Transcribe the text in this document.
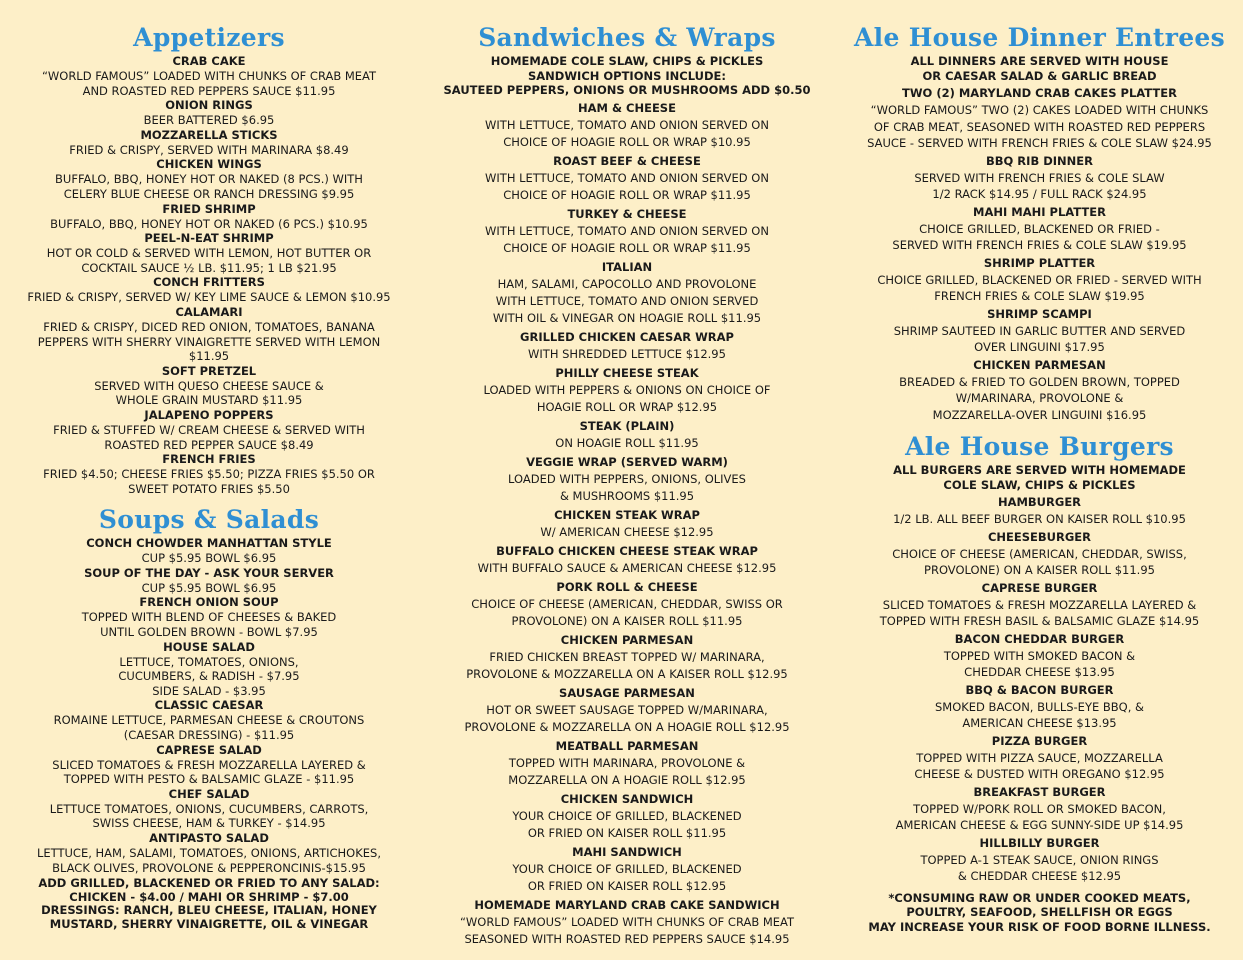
Appetizers
CRAB CAKE
“WORLD FAMOUS” LOADED WITH CHUNKS OF CRAB MEAT
AND ROASTED RED PEPPERS SAUCE $11.95
ONION RINGS
BEER BATTERED $6.95
MOZZARELLA STICKS
FRIED & CRISPY, SERVED WITH MARINARA $8.49
CHICKEN WINGS
BUFFALO, BBQ, HONEY HOT OR NAKED (8 PCS.) WITH
CELERY BLUE CHEESE OR RANCH DRESSING $9.95
FRIED SHRIMP
BUFFALO, BBQ, HONEY HOT OR NAKED (6 PCS.) $10.95
PEEL-N-EAT SHRIMP
HOT OR COLD & SERVED WITH LEMON, HOT BUTTER OR
COCKTAIL SAUCE ½ LB. $11.95; 1 LB $21.95
CONCH FRITTERS
FRIED & CRISPY, SERVED W/ KEY LIME SAUCE & LEMON $10.95
CALAMARI
FRIED & CRISPY, DICED RED ONION, TOMATOES, BANANA
PEPPERS WITH SHERRY VINAIGRETTE SERVED WITH LEMON
$11.95
SOFT PRETZEL
SERVED WITH QUESO CHEESE SAUCE &
WHOLE GRAIN MUSTARD $11.95
JALAPENO POPPERS
FRIED & STUFFED W/ CREAM CHEESE & SERVED WITH
ROASTED RED PEPPER SAUCE $8.49
FRENCH FRIES
FRIED $4.50; CHEESE FRIES $5.50; PIZZA FRIES $5.50 OR
SWEET POTATO FRIES $5.50
Soups & Salads
CONCH CHOWDER MANHATTAN STYLE
CUP $5.95 BOWL $6.95
SOUP OF THE DAY - ASK YOUR SERVER
CUP $5.95 BOWL $6.95
FRENCH ONION SOUP
TOPPED WITH BLEND OF CHEESES & BAKED
UNTIL GOLDEN BROWN - BOWL $7.95
HOUSE SALAD
LETTUCE, TOMATOES, ONIONS,
CUCUMBERS, & RADISH - $7.95
SIDE SALAD - $3.95
CLASSIC CAESAR
ROMAINE LETTUCE, PARMESAN CHEESE & CROUTONS
(CAESAR DRESSING) - $11.95
CAPRESE SALAD
SLICED TOMATOES & FRESH MOZZARELLA LAYERED &
TOPPED WITH PESTO & BALSAMIC GLAZE - $11.95
CHEF SALAD
LETTUCE TOMATOES, ONIONS, CUCUMBERS, CARROTS,
SWISS CHEESE, HAM & TURKEY - $14.95
ANTIPASTO SALAD
LETTUCE, HAM, SALAMI, TOMATOES, ONIONS, ARTICHOKES,
BLACK OLIVES, PROVOLONE & PEPPERONCINIS-$15.95
ADD GRILLED, BLACKENED OR FRIED TO ANY SALAD:
CHICKEN - $4.00 / MAHI OR SHRIMP - $7.00
DRESSINGS: RANCH, BLEU CHEESE, ITALIAN, HONEY
MUSTARD, SHERRY VINAIGRETTE, OIL & VINEGAR
Sandwiches & Wraps
HOMEMADE COLE SLAW, CHIPS & PICKLES
SANDWICH OPTIONS INCLUDE:
SAUTEED PEPPERS, ONIONS OR MUSHROOMS ADD $0.50
HAM & CHEESE
WITH LETTUCE, TOMATO AND ONION SERVED ON
CHOICE OF HOAGIE ROLL OR WRAP $10.95
ROAST BEEF & CHEESE
WITH LETTUCE, TOMATO AND ONION SERVED ON
CHOICE OF HOAGIE ROLL OR WRAP $11.95
TURKEY & CHEESE
WITH LETTUCE, TOMATO AND ONION SERVED ON
CHOICE OF HOAGIE ROLL OR WRAP $11.95
ITALIAN
HAM, SALAMI, CAPOCOLLO AND PROVOLONE
WITH LETTUCE, TOMATO AND ONION SERVED
WITH OIL & VINEGAR ON HOAGIE ROLL $11.95
GRILLED CHICKEN CAESAR WRAP
WITH SHREDDED LETTUCE $12.95
PHILLY CHEESE STEAK
LOADED WITH PEPPERS & ONIONS ON CHOICE OF
HOAGIE ROLL OR WRAP $12.95
STEAK (PLAIN)
ON HOAGIE ROLL $11.95
VEGGIE WRAP (SERVED WARM)
LOADED WITH PEPPERS, ONIONS, OLIVES
& MUSHROOMS $11.95
CHICKEN STEAK WRAP
W/ AMERICAN CHEESE $12.95
BUFFALO CHICKEN CHEESE STEAK WRAP
WITH BUFFALO SAUCE & AMERICAN CHEESE $12.95
PORK ROLL & CHEESE
CHOICE OF CHEESE (AMERICAN, CHEDDAR, SWISS OR
PROVOLONE) ON A KAISER ROLL $11.95
CHICKEN PARMESAN
FRIED CHICKEN BREAST TOPPED W/ MARINARA,
PROVOLONE & MOZZARELLA ON A KAISER ROLL $12.95
SAUSAGE PARMESAN
HOT OR SWEET SAUSAGE TOPPED W/MARINARA,
PROVOLONE & MOZZARELLA ON A HOAGIE ROLL $12.95
MEATBALL PARMESAN
TOPPED WITH MARINARA, PROVOLONE &
MOZZARELLA ON A HOAGIE ROLL $12.95
CHICKEN SANDWICH
YOUR CHOICE OF GRILLED, BLACKENED
OR FRIED ON KAISER ROLL $11.95
MAHI SANDWICH
YOUR CHOICE OF GRILLED, BLACKENED
OR FRIED ON KAISER ROLL $12.95
HOMEMADE MARYLAND CRAB CAKE SANDWICH
“WORLD FAMOUS” LOADED WITH CHUNKS OF CRAB MEAT
SEASONED WITH ROASTED RED PEPPERS SAUCE $14.95
Ale House Dinner Entrees
ALL DINNERS ARE SERVED WITH HOUSE
OR CAESAR SALAD & GARLIC BREAD
TWO (2) MARYLAND CRAB CAKES PLATTER
“WORLD FAMOUS” TWO (2) CAKES LOADED WITH CHUNKS
OF CRAB MEAT, SEASONED WITH ROASTED RED PEPPERS
SAUCE - SERVED WITH FRENCH FRIES & COLE SLAW $24.95
BBQ RIB DINNER
SERVED WITH FRENCH FRIES & COLE SLAW
1/2 RACK $14.95 / FULL RACK $24.95
MAHI MAHI PLATTER
CHOICE GRILLED, BLACKENED OR FRIED -
SERVED WITH FRENCH FRIES & COLE SLAW $19.95
SHRIMP PLATTER
CHOICE GRILLED, BLACKENED OR FRIED - SERVED WITH
FRENCH FRIES & COLE SLAW $19.95
SHRIMP SCAMPI
SHRIMP SAUTEED IN GARLIC BUTTER AND SERVED
OVER LINGUINI $17.95
CHICKEN PARMESAN
BREADED & FRIED TO GOLDEN BROWN, TOPPED
W/MARINARA, PROVOLONE &
MOZZARELLA-OVER LINGUINI $16.95
Ale House Burgers
ALL BURGERS ARE SERVED WITH HOMEMADE
COLE SLAW, CHIPS & PICKLES
HAMBURGER
1/2 LB. ALL BEEF BURGER ON KAISER ROLL $10.95
CHEESEBURGER
CHOICE OF CHEESE (AMERICAN, CHEDDAR, SWISS,
PROVOLONE) ON A KAISER ROLL $11.95
CAPRESE BURGER
SLICED TOMATOES & FRESH MOZZARELLA LAYERED &
TOPPED WITH FRESH BASIL & BALSAMIC GLAZE $14.95
BACON CHEDDAR BURGER
TOPPED WITH SMOKED BACON &
CHEDDAR CHEESE $13.95
BBQ & BACON BURGER
SMOKED BACON, BULLS-EYE BBQ, &
AMERICAN CHEESE $13.95
PIZZA BURGER
TOPPED WITH PIZZA SAUCE, MOZZARELLA
CHEESE & DUSTED WITH OREGANO $12.95
BREAKFAST BURGER
TOPPED W/PORK ROLL OR SMOKED BACON,
AMERICAN CHEESE & EGG SUNNY-SIDE UP $14.95
HILLBILLY BURGER
TOPPED A-1 STEAK SAUCE, ONION RINGS
& CHEDDAR CHEESE $12.95
*CONSUMING RAW OR UNDER COOKED MEATS,
POULTRY, SEAFOOD, SHELLFISH OR EGGS
MAY INCREASE YOUR RISK OF FOOD BORNE ILLNESS.
